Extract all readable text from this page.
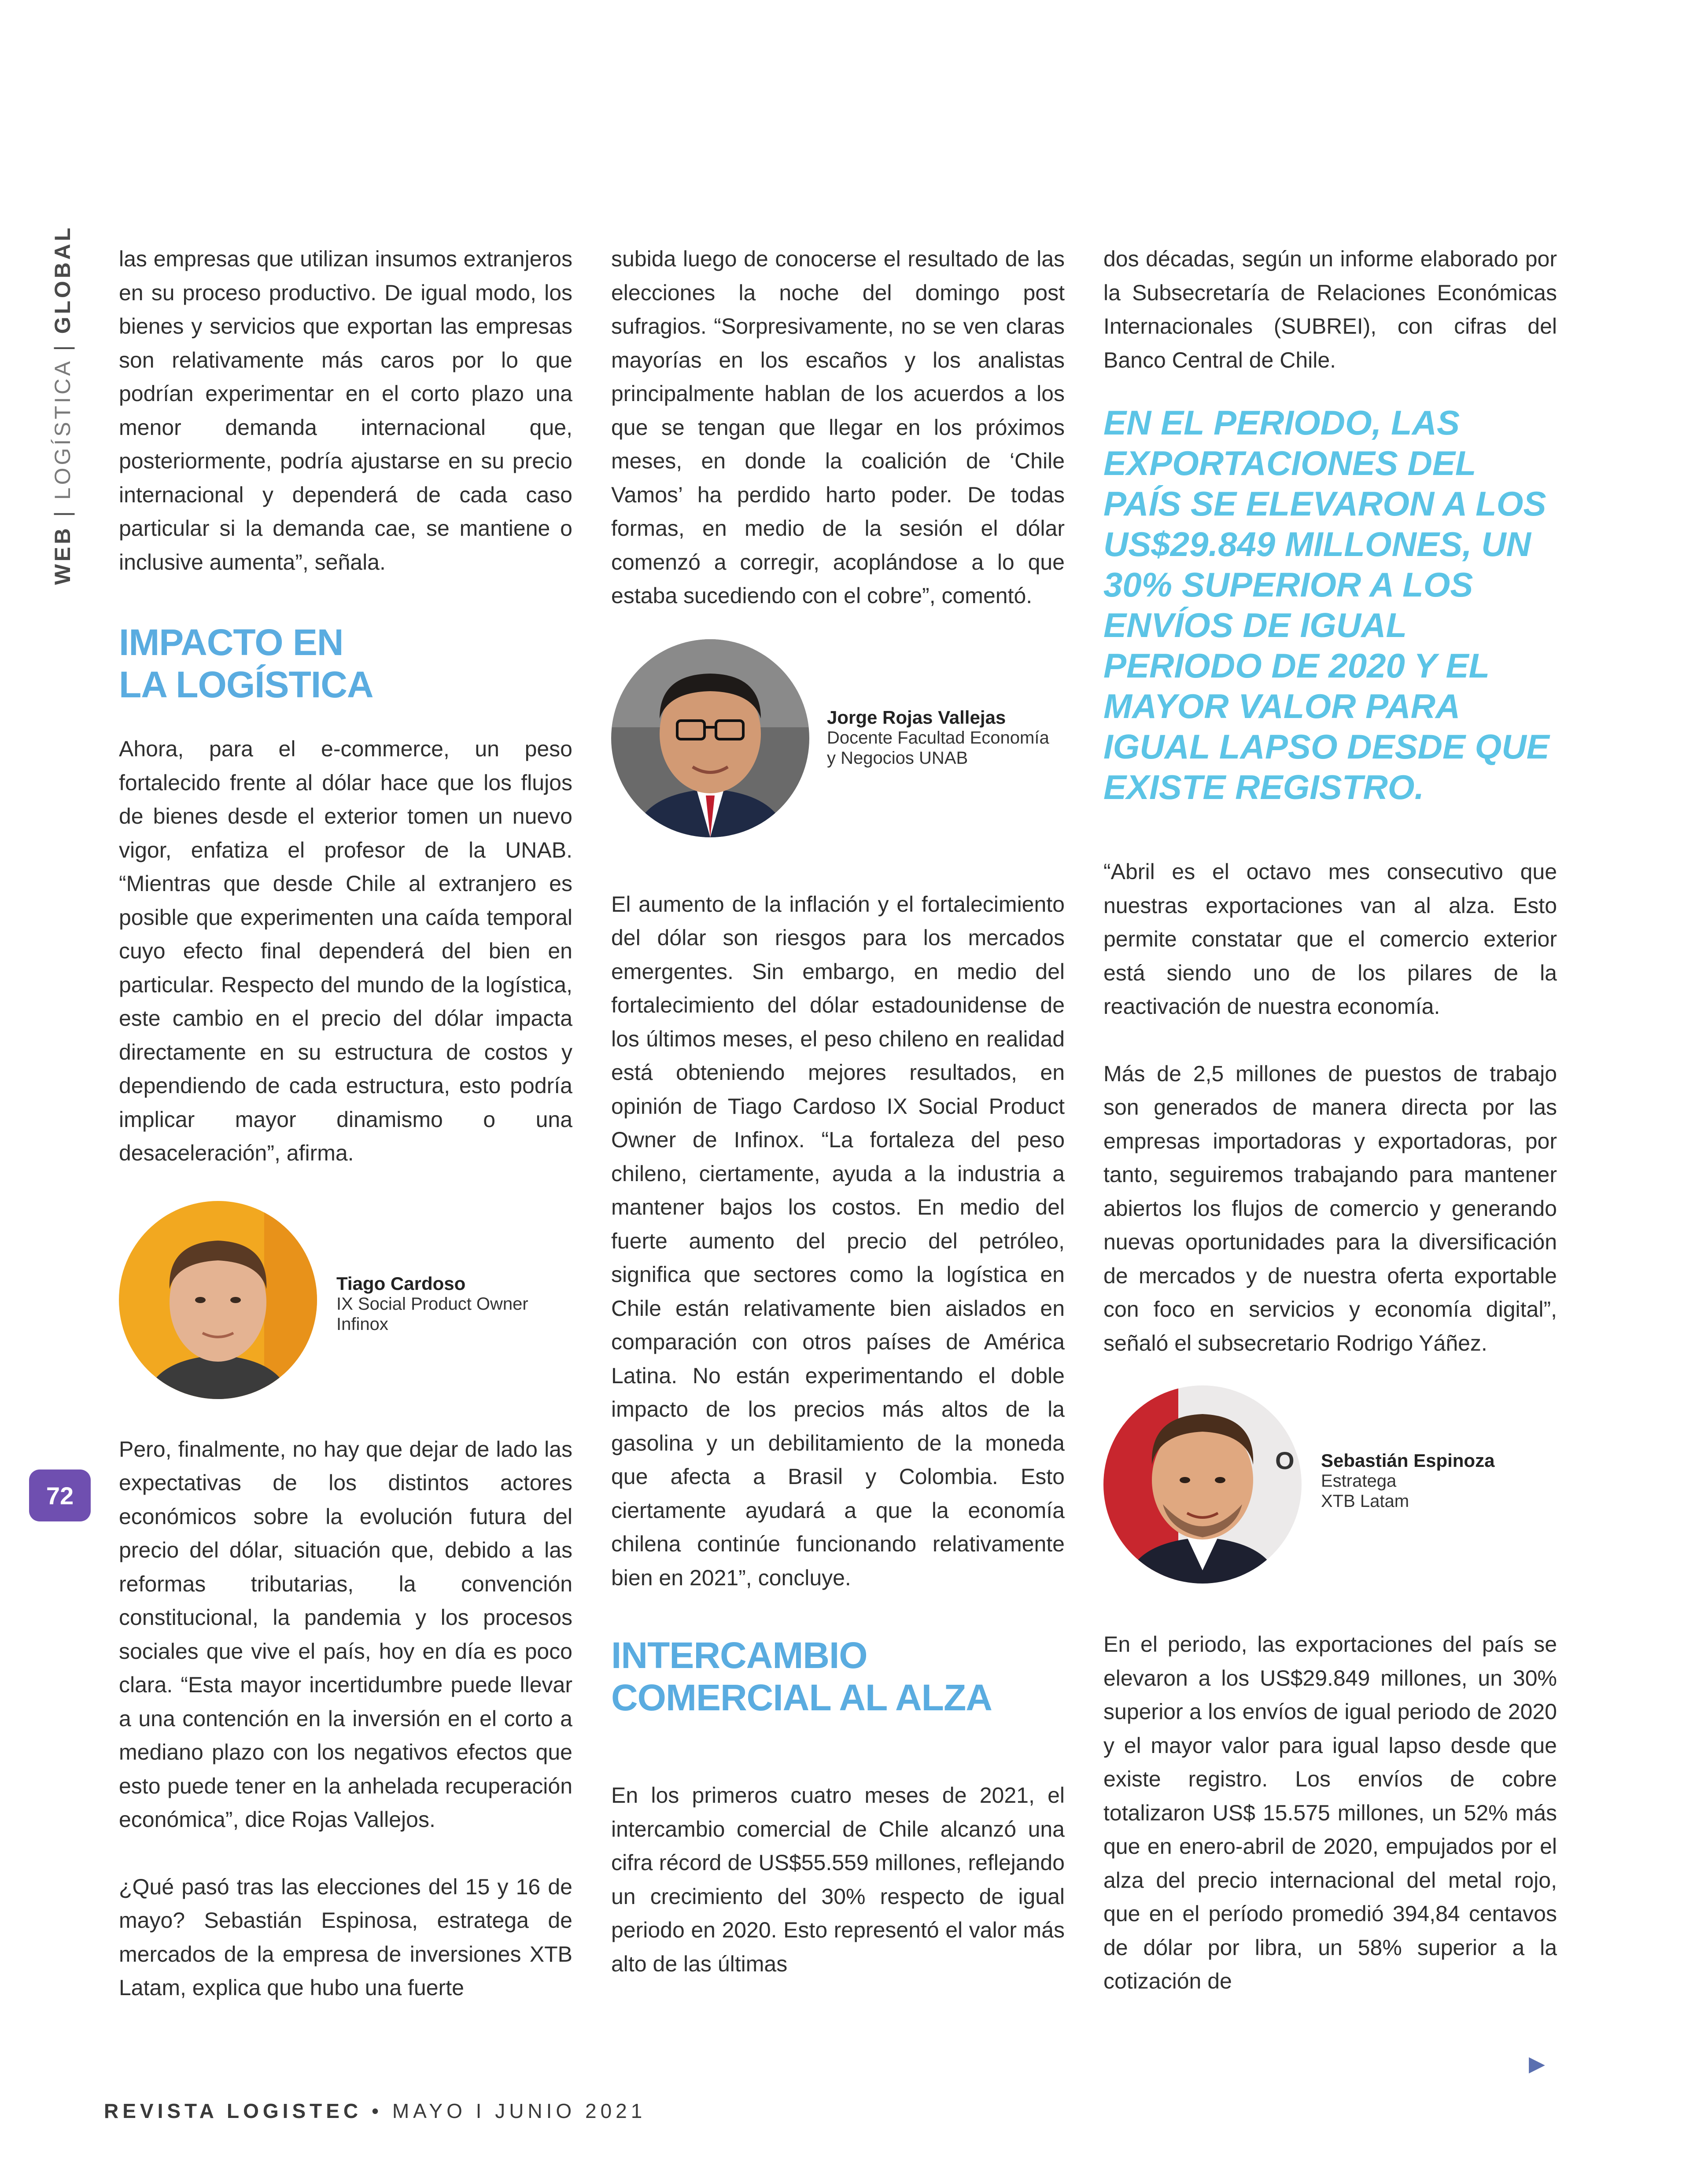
WEB | LOGÍSTICA | GLOBAL
72

las empresas que utilizan insumos extranjeros en su proceso productivo. De igual modo, los bienes y servicios que exportan las empresas son relativamente más caros por lo que podrían experimentar en el corto plazo una menor demanda internacional que, posteriormente, podría ajustarse en su precio internacional y dependerá de cada caso particular si la demanda cae, se mantiene o inclusive aumenta”, señala.

IMPACTO EN
LA LOGÍSTICA

Ahora, para el e-commerce, un peso fortalecido frente al dólar hace que los flujos de bienes desde el exterior tomen un nuevo vigor, enfatiza el profesor de la UNAB. “Mientras que desde Chile al extranjero es posible que experimenten una caída temporal cuyo efecto final dependerá del bien en particular. Respecto del mundo de la logística, este cambio en el precio del dólar impacta directamente en su estructura de costos y dependiendo de cada estructura, esto podría implicar mayor dinamismo o una desaceleración”, afirma.

Tiago Cardoso
IX Social Product Owner
Infinox

Pero, finalmente, no hay que dejar de lado las expectativas de los distintos actores económicos sobre la evolución futura del precio del dólar, situación que, debido a las reformas tributarias, la convención constitucional, la pandemia y los procesos sociales que vive el país, hoy en día es poco clara. “Esta mayor incertidumbre puede llevar a una contención en la inversión en el corto a mediano plazo con los negativos efectos que esto puede tener en la anhelada recuperación económica”, dice Rojas Vallejos.

¿Qué pasó tras las elecciones del 15 y 16 de mayo? Sebastián Espinosa, estratega de mercados de la empresa de inversiones XTB Latam, explica que hubo una fuerte

subida luego de conocerse el resultado de las elecciones la noche del domingo post sufragios. “Sorpresivamente, no se ven claras mayorías en los escaños y los analistas principalmente hablan de los acuerdos a los que se tengan que llegar en los próximos meses, en donde la coalición de ‘Chile Vamos’ ha perdido harto poder. De todas formas, en medio de la sesión el dólar comenzó a corregir, acoplándose a lo que estaba sucediendo con el cobre”, comentó.

Jorge Rojas Vallejas
Docente Facultad Economía
y Negocios UNAB

El aumento de la inflación y el fortalecimiento del dólar son riesgos para los mercados emergentes. Sin embargo, en medio del fortalecimiento del dólar estadounidense de los últimos meses, el peso chileno en realidad está obteniendo mejores resultados, en opinión de Tiago Cardoso IX Social Product Owner de Infinox. “La fortaleza del peso chileno, ciertamente, ayuda a la industria a mantener bajos los costos. En medio del fuerte aumento del precio del petróleo, significa que sectores como la logística en Chile están relativamente bien aislados en comparación con otros países de América Latina. No están experimentando el doble impacto de los precios más altos de la gasolina y un debilitamiento de la moneda que afecta a Brasil y Colombia. Esto ciertamente ayudará a que la economía chilena continúe funcionando relativamente bien en 2021”, concluye.

INTERCAMBIO
COMERCIAL AL ALZA

En los primeros cuatro meses de 2021, el intercambio comercial de Chile alcanzó una cifra récord de US$55.559 millones, reflejando un crecimiento del 30% respecto de igual periodo en 2020. Esto representó el valor más alto de las últimas

dos décadas, según un informe elaborado por la Subsecretaría de Relaciones Económicas Internacionales (SUBREI), con cifras del Banco Central de Chile.

EN EL PERIODO, LAS EXPORTACIONES DEL PAÍS SE ELEVARON A LOS US$29.849 MILLONES, UN 30% SUPERIOR A LOS ENVÍOS DE IGUAL PERIODO DE 2020 Y EL MAYOR VALOR PARA IGUAL LAPSO DESDE QUE EXISTE REGISTRO.

“Abril es el octavo mes consecutivo que nuestras exportaciones van al alza. Esto permite constatar que el comercio exterior está siendo uno de los pilares de la reactivación de nuestra economía.

Más de 2,5 millones de puestos de trabajo son generados de manera directa por las empresas importadoras y exportadoras, por tanto, seguiremos trabajando para mantener abiertos los flujos de comercio y generando nuevas oportunidades para la diversificación de mercados y de nuestra oferta exportable con foco en servicios y economía digital”, señaló el subsecretario Rodrigo Yáñez.

O Sebastián Espinoza
Estratega
XTB Latam

En el periodo, las exportaciones del país se elevaron a los US$29.849 millones, un 30% superior a los envíos de igual periodo de 2020 y el mayor valor para igual lapso desde que existe registro. Los envíos de cobre totalizaron US$ 15.575 millones, un 52% más que en enero-abril de 2020, empujados por el alza del precio internacional del metal rojo, que en el período promedió 394,84 centavos de dólar por libra, un 58% superior a la cotización de

▶
REVISTA LOGISTEC • MAYO I JUNIO 2021
